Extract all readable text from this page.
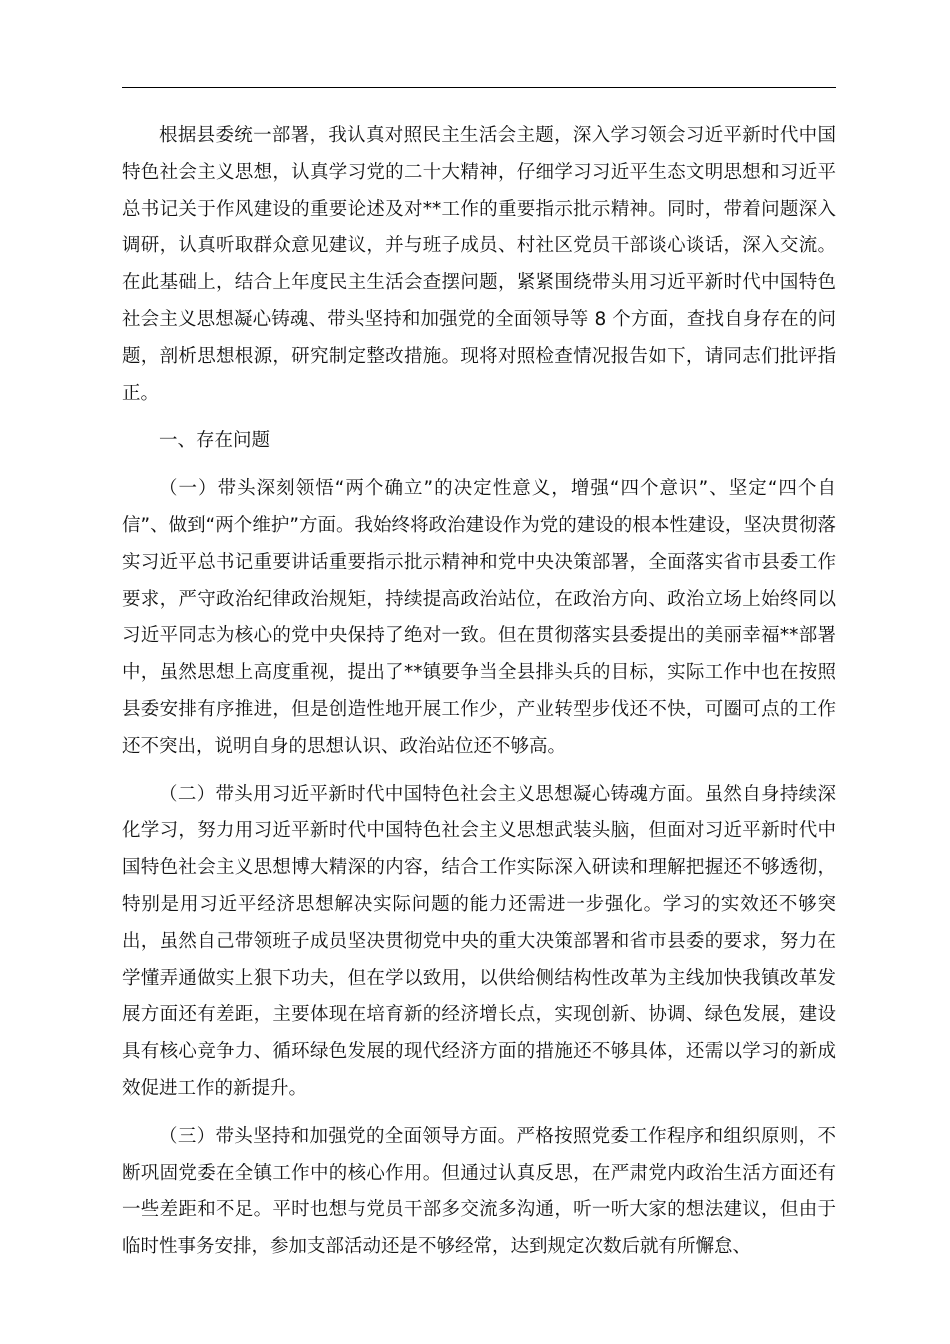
根据县委统一部署，我认真对照民主生活会主题，深入学习领会习近平新时代中国特色社会主义思想，认真学习党的二十大精神，仔细学习习近平生态文明思想和习近平总书记关于作风建设的重要论述及对**工作的重要指示批示精神。同时，带着问题深入调研，认真听取群众意见建议，并与班子成员、村社区党员干部谈心谈话，深入交流。在此基础上，结合上年度民主生活会查摆问题，紧紧围绕带头用习近平新时代中国特色社会主义思想凝心铸魂、带头坚持和加强党的全面领导等 8 个方面，查找自身存在的问题，剖析思想根源，研究制定整改措施。现将对照检查情况报告如下，请同志们批评指正。

一、存在问题

（一）带头深刻领悟“两个确立”的决定性意义，增强“四个意识”、坚定“四个自信”、做到“两个维护”方面。我始终将政治建设作为党的建设的根本性建设，坚决贯彻落实习近平总书记重要讲话重要指示批示精神和党中央决策部署，全面落实省市县委工作要求，严守政治纪律政治规矩，持续提高政治站位，在政治方向、政治立场上始终同以习近平同志为核心的党中央保持了绝对一致。但在贯彻落实县委提出的美丽幸福**部署中，虽然思想上高度重视，提出了**镇要争当全县排头兵的目标，实际工作中也在按照县委安排有序推进，但是创造性地开展工作少，产业转型步伐还不快，可圈可点的工作还不突出，说明自身的思想认识、政治站位还不够高。

（二）带头用习近平新时代中国特色社会主义思想凝心铸魂方面。虽然自身持续深化学习，努力用习近平新时代中国特色社会主义思想武装头脑，但面对习近平新时代中国特色社会主义思想博大精深的内容，结合工作实际深入研读和理解把握还不够透彻，特别是用习近平经济思想解决实际问题的能力还需进一步强化。学习的实效还不够突出，虽然自己带领班子成员坚决贯彻党中央的重大决策部署和省市县委的要求，努力在学懂弄通做实上狠下功夫，但在学以致用，以供给侧结构性改革为主线加快我镇改革发展方面还有差距，主要体现在培育新的经济增长点，实现创新、协调、绿色发展，建设具有核心竞争力、循环绿色发展的现代经济方面的措施还不够具体，还需以学习的新成效促进工作的新提升。

（三）带头坚持和加强党的全面领导方面。严格按照党委工作程序和组织原则，不断巩固党委在全镇工作中的核心作用。但通过认真反思，在严肃党内政治生活方面还有一些差距和不足。平时也想与党员干部多交流多沟通，听一听大家的想法建议，但由于临时性事务安排，参加支部活动还是不够经常，达到规定次数后就有所懈怠、
